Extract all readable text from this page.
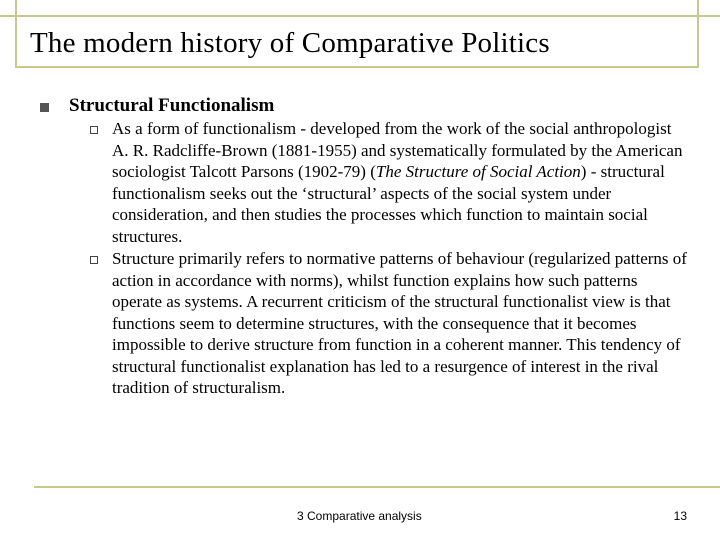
The modern history of Comparative Politics
Structural Functionalism
As a form of functionalism - developed from the work of the social anthropologist A. R. Radcliffe-Brown (1881-1955) and systematically formulated by the American sociologist Talcott Parsons (1902-79) (The Structure of Social Action) - structural functionalism seeks out the ‘structural’ aspects of the social system under consideration, and then studies the processes which function to maintain social structures.
Structure primarily refers to normative patterns of behaviour (regularized patterns of action in accordance with norms), whilst function explains how such patterns operate as systems. A recurrent criticism of the structural functionalist view is that functions seem to determine structures, with the consequence that it becomes impossible to derive structure from function in a coherent manner. This tendency of structural functionalist explanation has led to a resurgence of interest in the rival tradition of structuralism.
3 Comparative analysis	13
